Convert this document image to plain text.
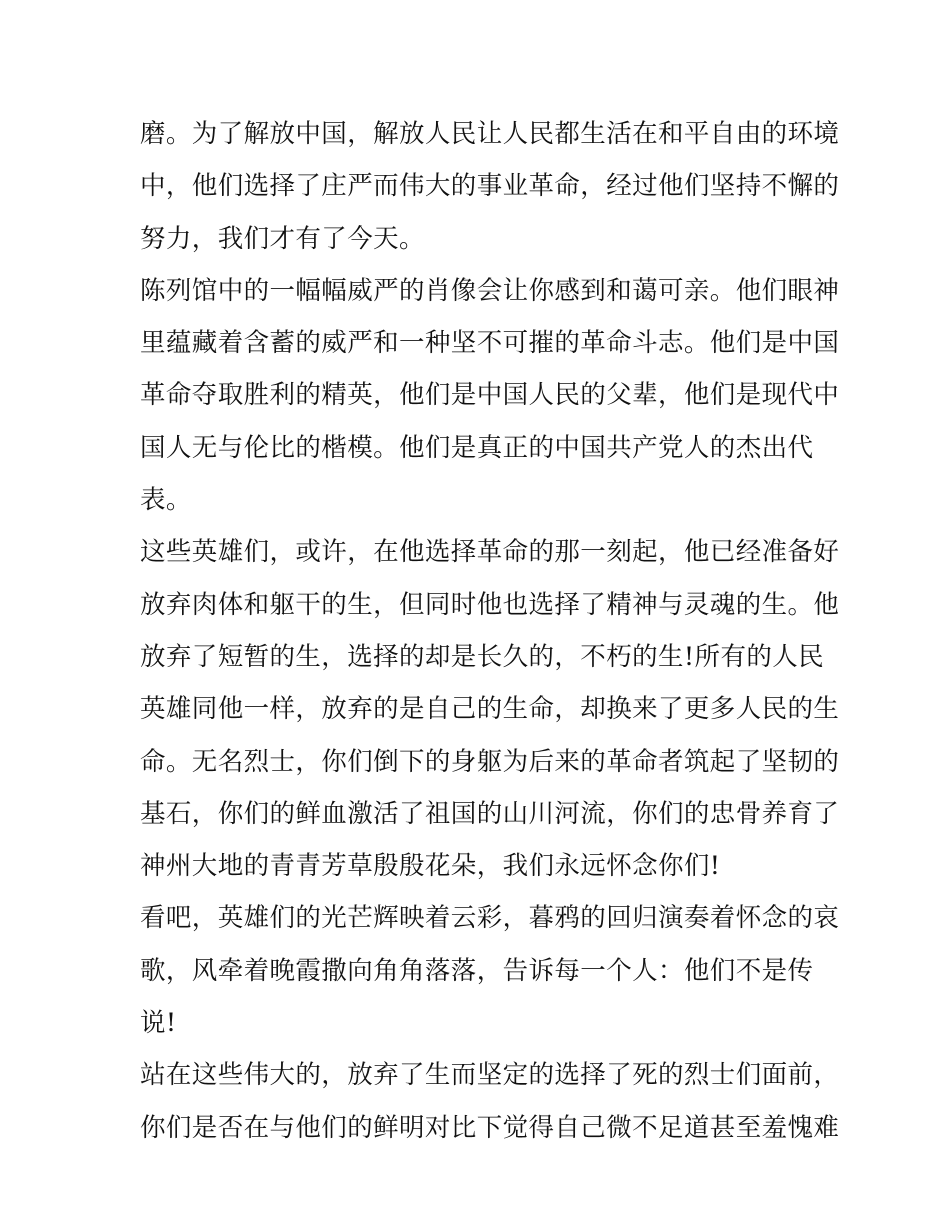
磨。为了解放中国，解放人民让人民都生活在和平自由的环境
中，他们选择了庄严而伟大的事业革命，经过他们坚持不懈的
努力，我们才有了今天。
陈列馆中的一幅幅威严的肖像会让你感到和蔼可亲。他们眼神
里蕴藏着含蓄的威严和一种坚不可摧的革命斗志。他们是中国
革命夺取胜利的精英，他们是中国人民的父辈，他们是现代中
国人无与伦比的楷模。他们是真正的中国共产党人的杰出代
表。
这些英雄们，或许，在他选择革命的那一刻起，他已经准备好
放弃肉体和躯干的生，但同时他也选择了精神与灵魂的生。他
放弃了短暂的生，选择的却是长久的，不朽的生!所有的人民
英雄同他一样，放弃的是自己的生命，却换来了更多人民的生
命。无名烈士，你们倒下的身躯为后来的革命者筑起了坚韧的
基石，你们的鲜血激活了祖国的山川河流，你们的忠骨养育了
神州大地的青青芳草殷殷花朵，我们永远怀念你们!
看吧，英雄们的光芒辉映着云彩，暮鸦的回归演奏着怀念的哀
歌，风牵着晚霞撒向角角落落，告诉每一个人：他们不是传
说!
站在这些伟大的，放弃了生而坚定的选择了死的烈士们面前，
你们是否在与他们的鲜明对比下觉得自己微不足道甚至羞愧难
